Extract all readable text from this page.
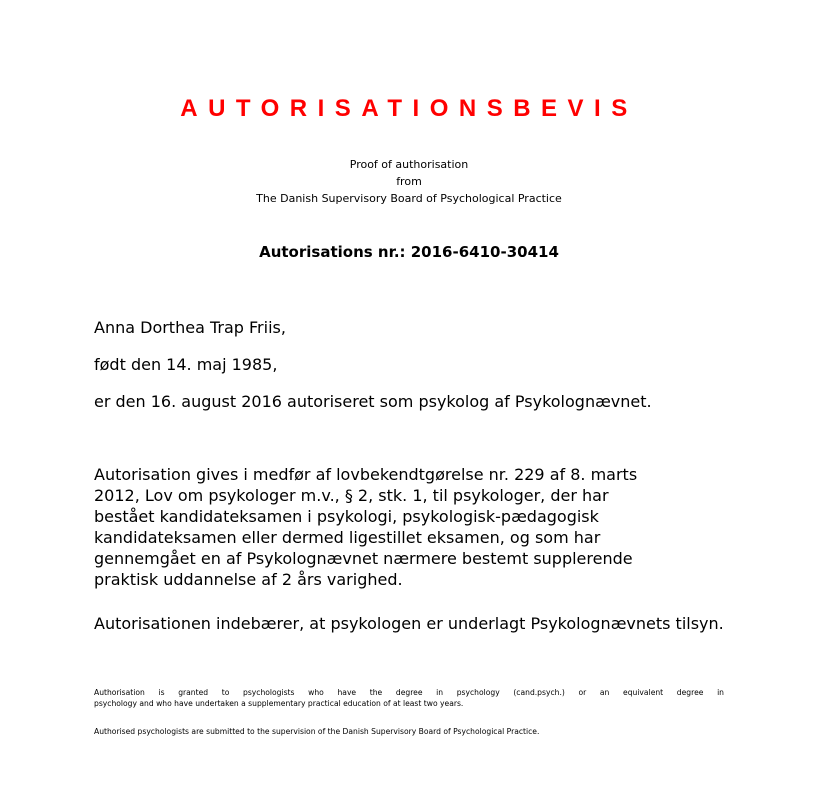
AUTORISATIONSBEVIS
Proof of authorisation
from
The Danish Supervisory Board of Psychological Practice
Autorisations nr.: 2016-6410-30414
Anna Dorthea Trap Friis,
født den 14. maj 1985,
er den 16. august 2016 autoriseret som psykolog af Psykolognævnet.
Autorisation gives i medfør af lovbekendtgørelse nr. 229 af 8. marts
2012, Lov om psykologer m.v., § 2, stk. 1, til psykologer, der har
bestået kandidateksamen i psykologi, psykologisk-pædagogisk
kandidateksamen eller dermed ligestillet eksamen, og som har
gennemgået en af Psykolognævnet nærmere bestemt supplerende
praktisk uddannelse af 2 års varighed.
Autorisationen indebærer, at psykologen er underlagt Psykolognævnets tilsyn.
Authorisation is granted to psychologists who have the degree in psychology (cand.psych.) or an equivalent degree in
psychology and who have undertaken a supplementary practical education of at least two years.
Authorised psychologists are submitted to the supervision of the Danish Supervisory Board of Psychological Practice.
